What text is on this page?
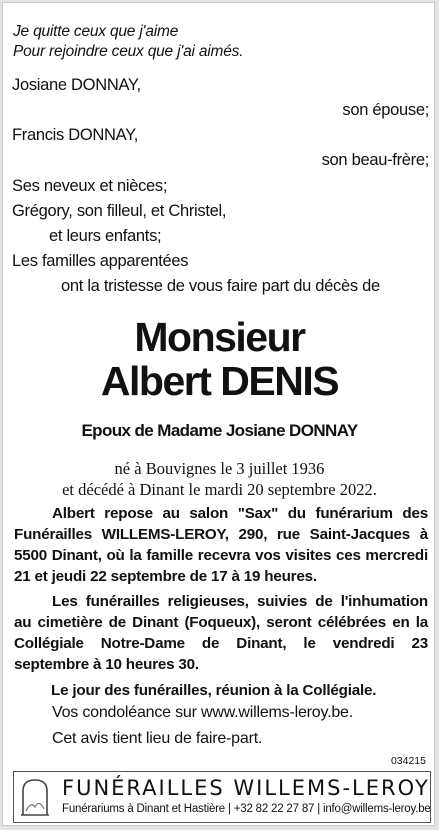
Je quitte ceux que j'aime
Pour rejoindre ceux que j'ai aimés.
Josiane DONNAY,
son épouse;
Francis DONNAY,
son beau-frère;
Ses neveux et nièces;
Grégory, son filleul, et Christel,
et leurs enfants;
Les familles apparentées
ont la tristesse de vous faire part du décès de
Monsieur
Albert DENIS
Epoux de Madame Josiane DONNAY
né à Bouvignes le 3 juillet 1936
et décédé à Dinant le mardi 20 septembre 2022.
Albert repose au salon "Sax" du funérarium des Funérailles WILLEMS-LEROY, 290, rue Saint-Jacques à 5500 Dinant, où la famille recevra vos visites ces mercredi 21 et jeudi 22 septembre de 17 à 19 heures.
Les funérailles religieuses, suivies de l'inhumation au cimetière de Dinant (Foqueux), seront célébrées en la Collégiale Notre-Dame de Dinant, le vendredi 23 septembre à 10 heures 30.
Le jour des funérailles, réunion à la Collégiale.
Vos condoléance sur www.willems-leroy.be.
Cet avis tient lieu de faire-part.
034215
FUNÉRAILLES WILLEMS-LEROY
Funérariums à Dinant et Hastière | +32 82 22 27 87 | info@willems-leroy.be
